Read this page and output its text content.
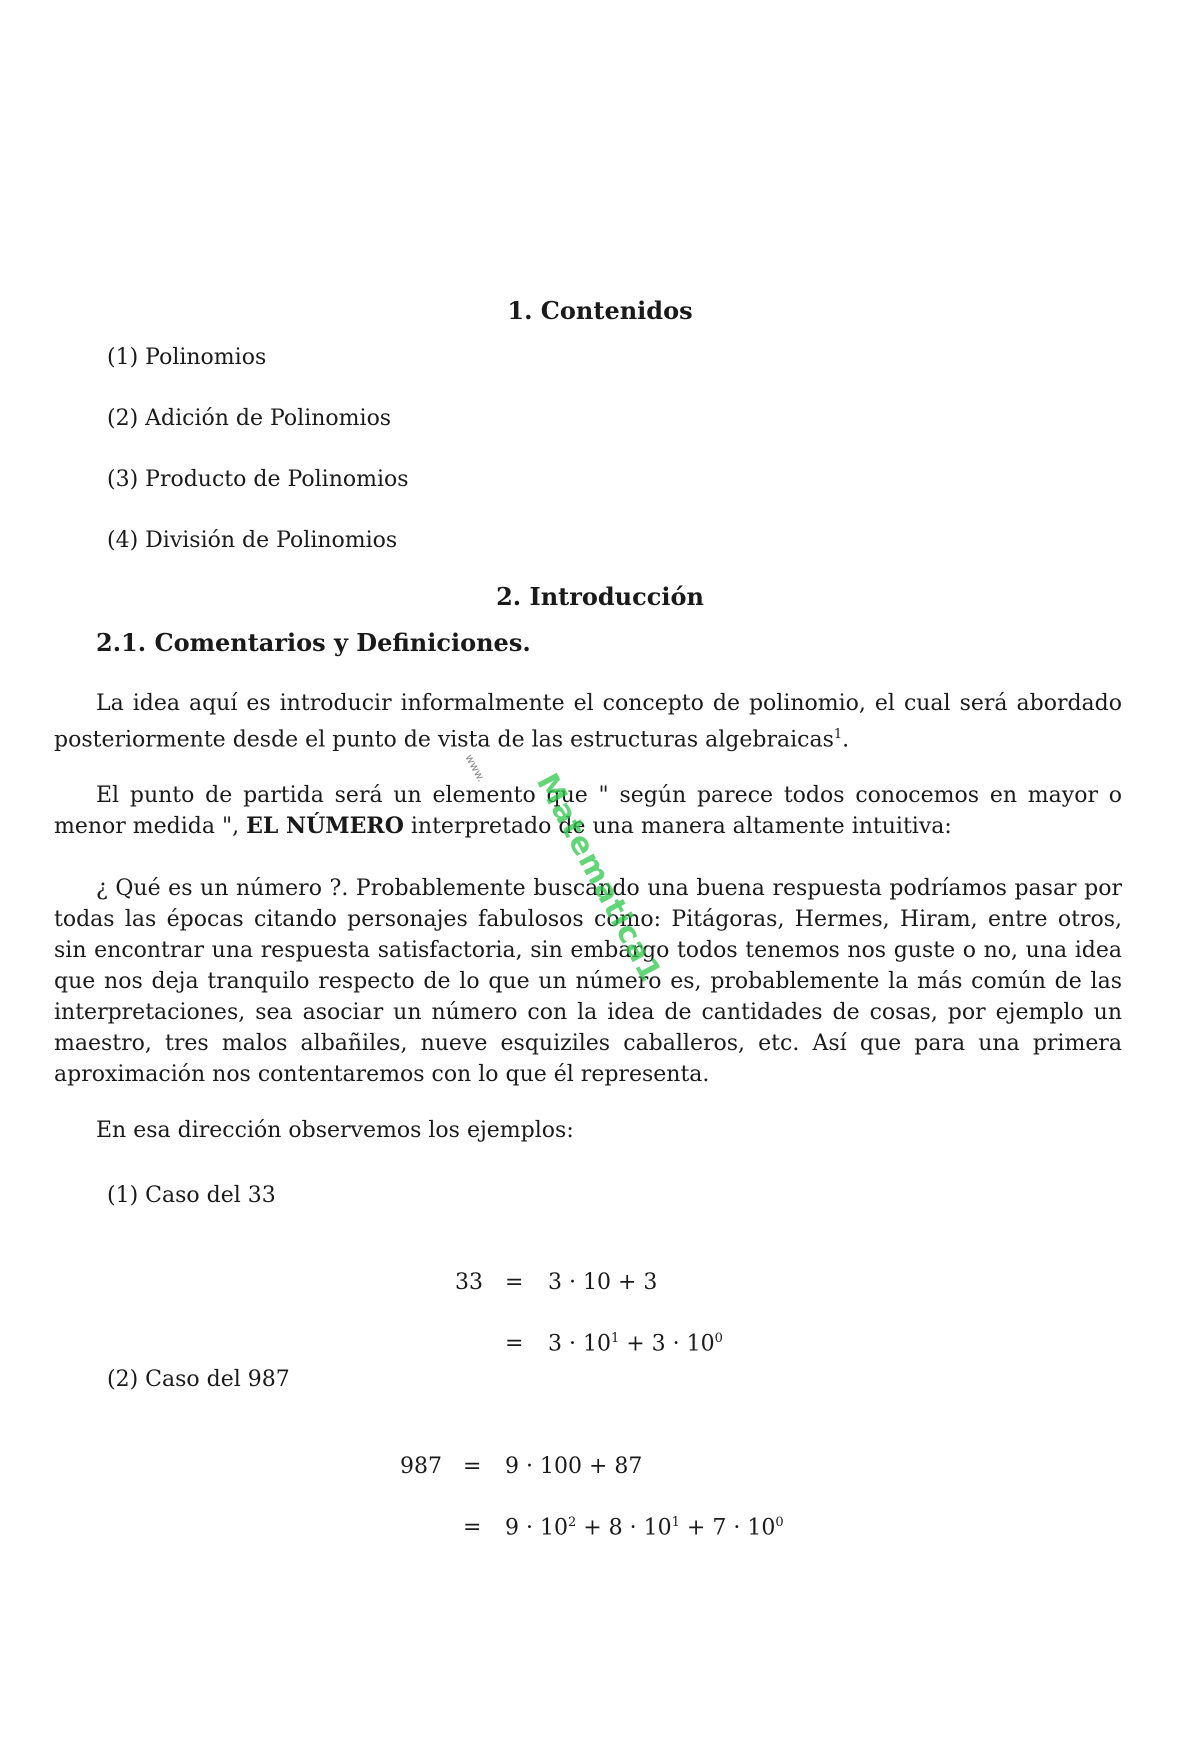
1. Contenidos
(1) Polinomios
(2) Adición de Polinomios
(3) Producto de Polinomios
(4) División de Polinomios
2. Introducción
2.1. Comentarios y Definiciones.

La idea aquí es introducir informalmente el concepto de polinomio, el cual será abordado posteriormente desde el punto de vista de las estructuras algebraicas$^1$.

El punto de partida será un elemento que " según parece todos conocemos en mayor o menor medida ", EL NÚMERO interpretado de una manera altamente intuitiva:

¿ Qué es un número ?. Probablemente buscando una buena respuesta podríamos pasar por todas las épocas citando personajes fabulosos como: Pitágoras, Hermes, Hiram, entre otros, sin encontrar una respuesta satisfactoria, sin embargo todos tenemos nos guste o no, una idea que nos deja tranquilo respecto de lo que un número es, probablemente la más común de las interpretaciones, sea asociar un número con la idea de cantidades de cosas, por ejemplo un maestro, tres malos albañiles, nueve esquiziles caballeros, etc. Así que para una primera aproximación nos contentaremos con lo que él representa.

En esa dirección observemos los ejemplos:

(1) Caso del 33
33 = 3 · 10 + 3
= $3 \cdot 10^1 + 3 \cdot 10^0$
(2) Caso del 987
987 = 9 · 100 + 87
= $9 \cdot 10^2 + 8 \cdot 10^1 + 7 \cdot 10^0$
www. Matematica1
